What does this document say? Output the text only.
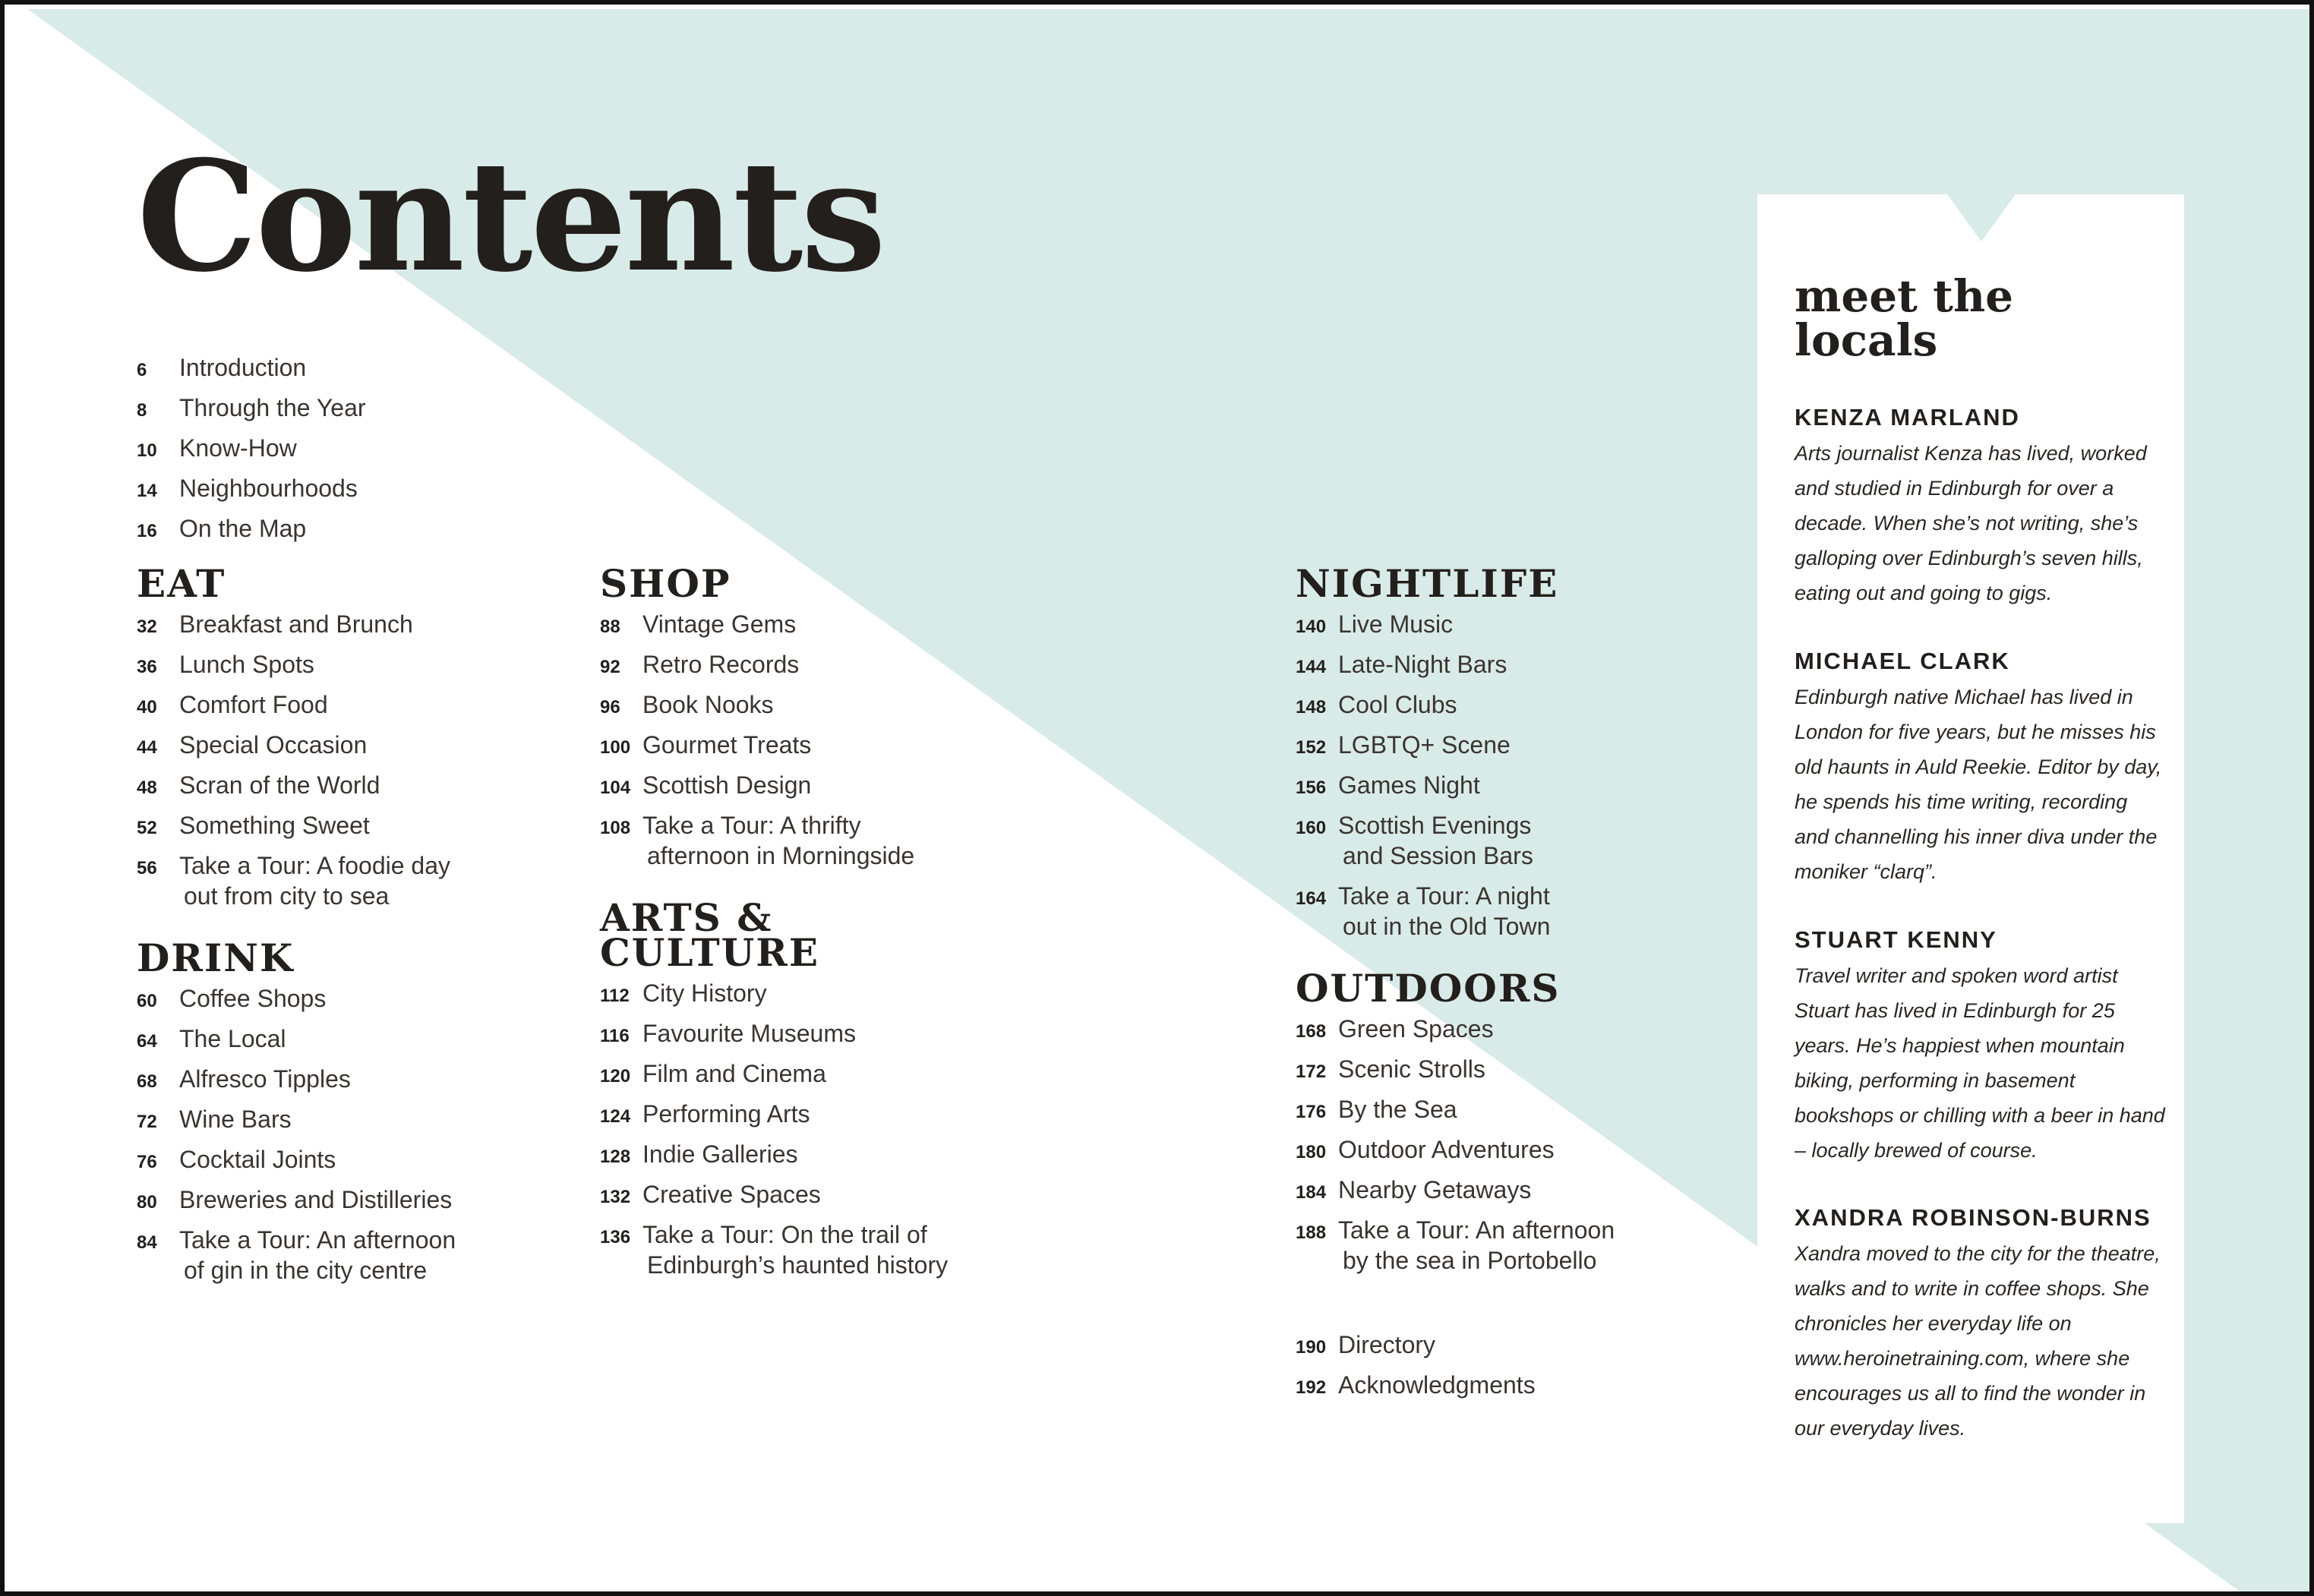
Contents
6	Introduction
8	Through the Year
10 Know-How
14 Neighbourhoods
16 On the Map
EAT
32 Breakfast and Brunch
36 Lunch Spots
40 Comfort Food
44 Special Occasion
48 Scran of the World
52 Something Sweet
56 Take a Tour: A foodie day
out from city to sea
DRINK
60 Coffee Shops
64 The Local
68 Alfresco Tipples
72 Wine Bars
76 Cocktail Joints
80 Breweries and Distilleries
84 Take a Tour: An afternoon
of gin in the city centre
SHOP
88 Vintage Gems
92 Retro Records
96 Book Nooks
100 Gourmet Treats
104 Scottish Design
108 Take a Tour: A thrifty
afternoon in Morningside
ARTS &
CULTURE
112 City History
116 Favourite Museums
120 Film and Cinema
124 Performing Arts
128 Indie Galleries
132 Creative Spaces
136 Take a Tour: On the trail of
Edinburgh’s haunted history
NIGHTLIFE
140 Live Music
144 Late-Night Bars
148 Cool Clubs
152 LGBTQ+ Scene
156 Games Night
160 Scottish Evenings
and Session Bars
164 Take a Tour: A night
out in the Old Town
OUTDOORS
168 Green Spaces
172 Scenic Strolls
176 By the Sea
180 Outdoor Adventures
184 Nearby Getaways
188 Take a Tour: An afternoon
by the sea in Portobello
190 Directory
192 Acknowledgments
meet the
locals
KENZA MARLAND
Arts journalist Kenza has lived, worked and studied in Edinburgh for over a decade. When she’s not writing, she’s galloping over Edinburgh’s seven hills, eating out and going to gigs.
MICHAEL CLARK
Edinburgh native Michael has lived in London for five years, but he misses his old haunts in Auld Reekie. Editor by day, he spends his time writing, recording and channelling his inner diva under the moniker “clarq”.
STUART KENNY
Travel writer and spoken word artist Stuart has lived in Edinburgh for 25 years. He’s happiest when mountain biking, performing in basement bookshops or chilling with a beer in hand – locally brewed of course.
XANDRA ROBINSON-BURNS
Xandra moved to the city for the theatre, walks and to write in coffee shops. She chronicles her everyday life on www.heroinetraining.com, where she encourages us all to find the wonder in our everyday lives.
